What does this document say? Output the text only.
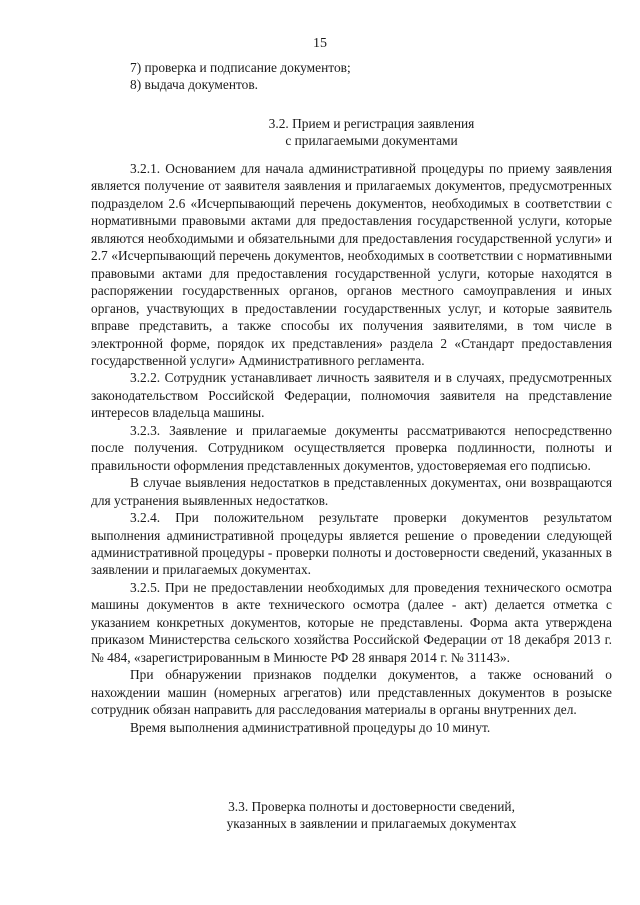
15

7) проверка и подписание документов;

8) выдача документов.

3.2. Прием и регистрация заявления
с прилагаемыми документами

3.2.1. Основанием для начала административной процедуры по приему заявления является получение от заявителя заявления и прилагаемых документов, предусмотренных подразделом 2.6 «Исчерпывающий перечень документов, необходимых в соответствии с нормативными правовыми актами для предоставления государственной услуги, которые являются необходимыми и обязательными для предоставления государственной услуги» и 2.7 «Исчерпывающий перечень документов, необходимых в соответствии с нормативными правовыми актами для предоставления государственной услуги, которые находятся в распоряжении государственных органов, органов местного самоуправления и иных органов, участвующих в предоставлении государственных услуг, и которые заявитель вправе представить, а также способы их получения заявителями, в том числе в электронной форме, порядок их представления» раздела 2 «Стандарт предоставления государственной услуги» Административного регламента.

3.2.2. Сотрудник устанавливает личность заявителя и в случаях, предусмотренных законодательством Российской Федерации, полномочия заявителя на представление интересов владельца машины.

3.2.3. Заявление и прилагаемые документы рассматриваются непосредственно после получения. Сотрудником осуществляется проверка подлинности, полноты и правильности оформления представленных документов, удостоверяемая его подписью.

В случае выявления недостатков в представленных документах, они возвращаются для устранения выявленных недостатков.

3.2.4. При положительном результате проверки документов результатом выполнения административной процедуры является решение о проведении следующей административной процедуры - проверки полноты и достоверности сведений, указанных в заявлении и прилагаемых документах.

3.2.5. При не предоставлении необходимых для проведения технического осмотра машины документов в акте технического осмотра (далее - акт) делается отметка с указанием конкретных документов, которые не представлены. Форма акта утверждена приказом Министерства сельского хозяйства Российской Федерации от 18 декабря 2013 г. № 484, «зарегистрированным в Минюсте РФ 28 января 2014 г. № 31143».

При обнаружении признаков подделки документов, а также оснований о нахождении машин (номерных агрегатов) или представленных документов в розыске сотрудник обязан направить для расследования материалы в органы внутренних дел.

Время выполнения административной процедуры до 10 минут.

3.3. Проверка полноты и достоверности сведений,
указанных в заявлении и прилагаемых документах
